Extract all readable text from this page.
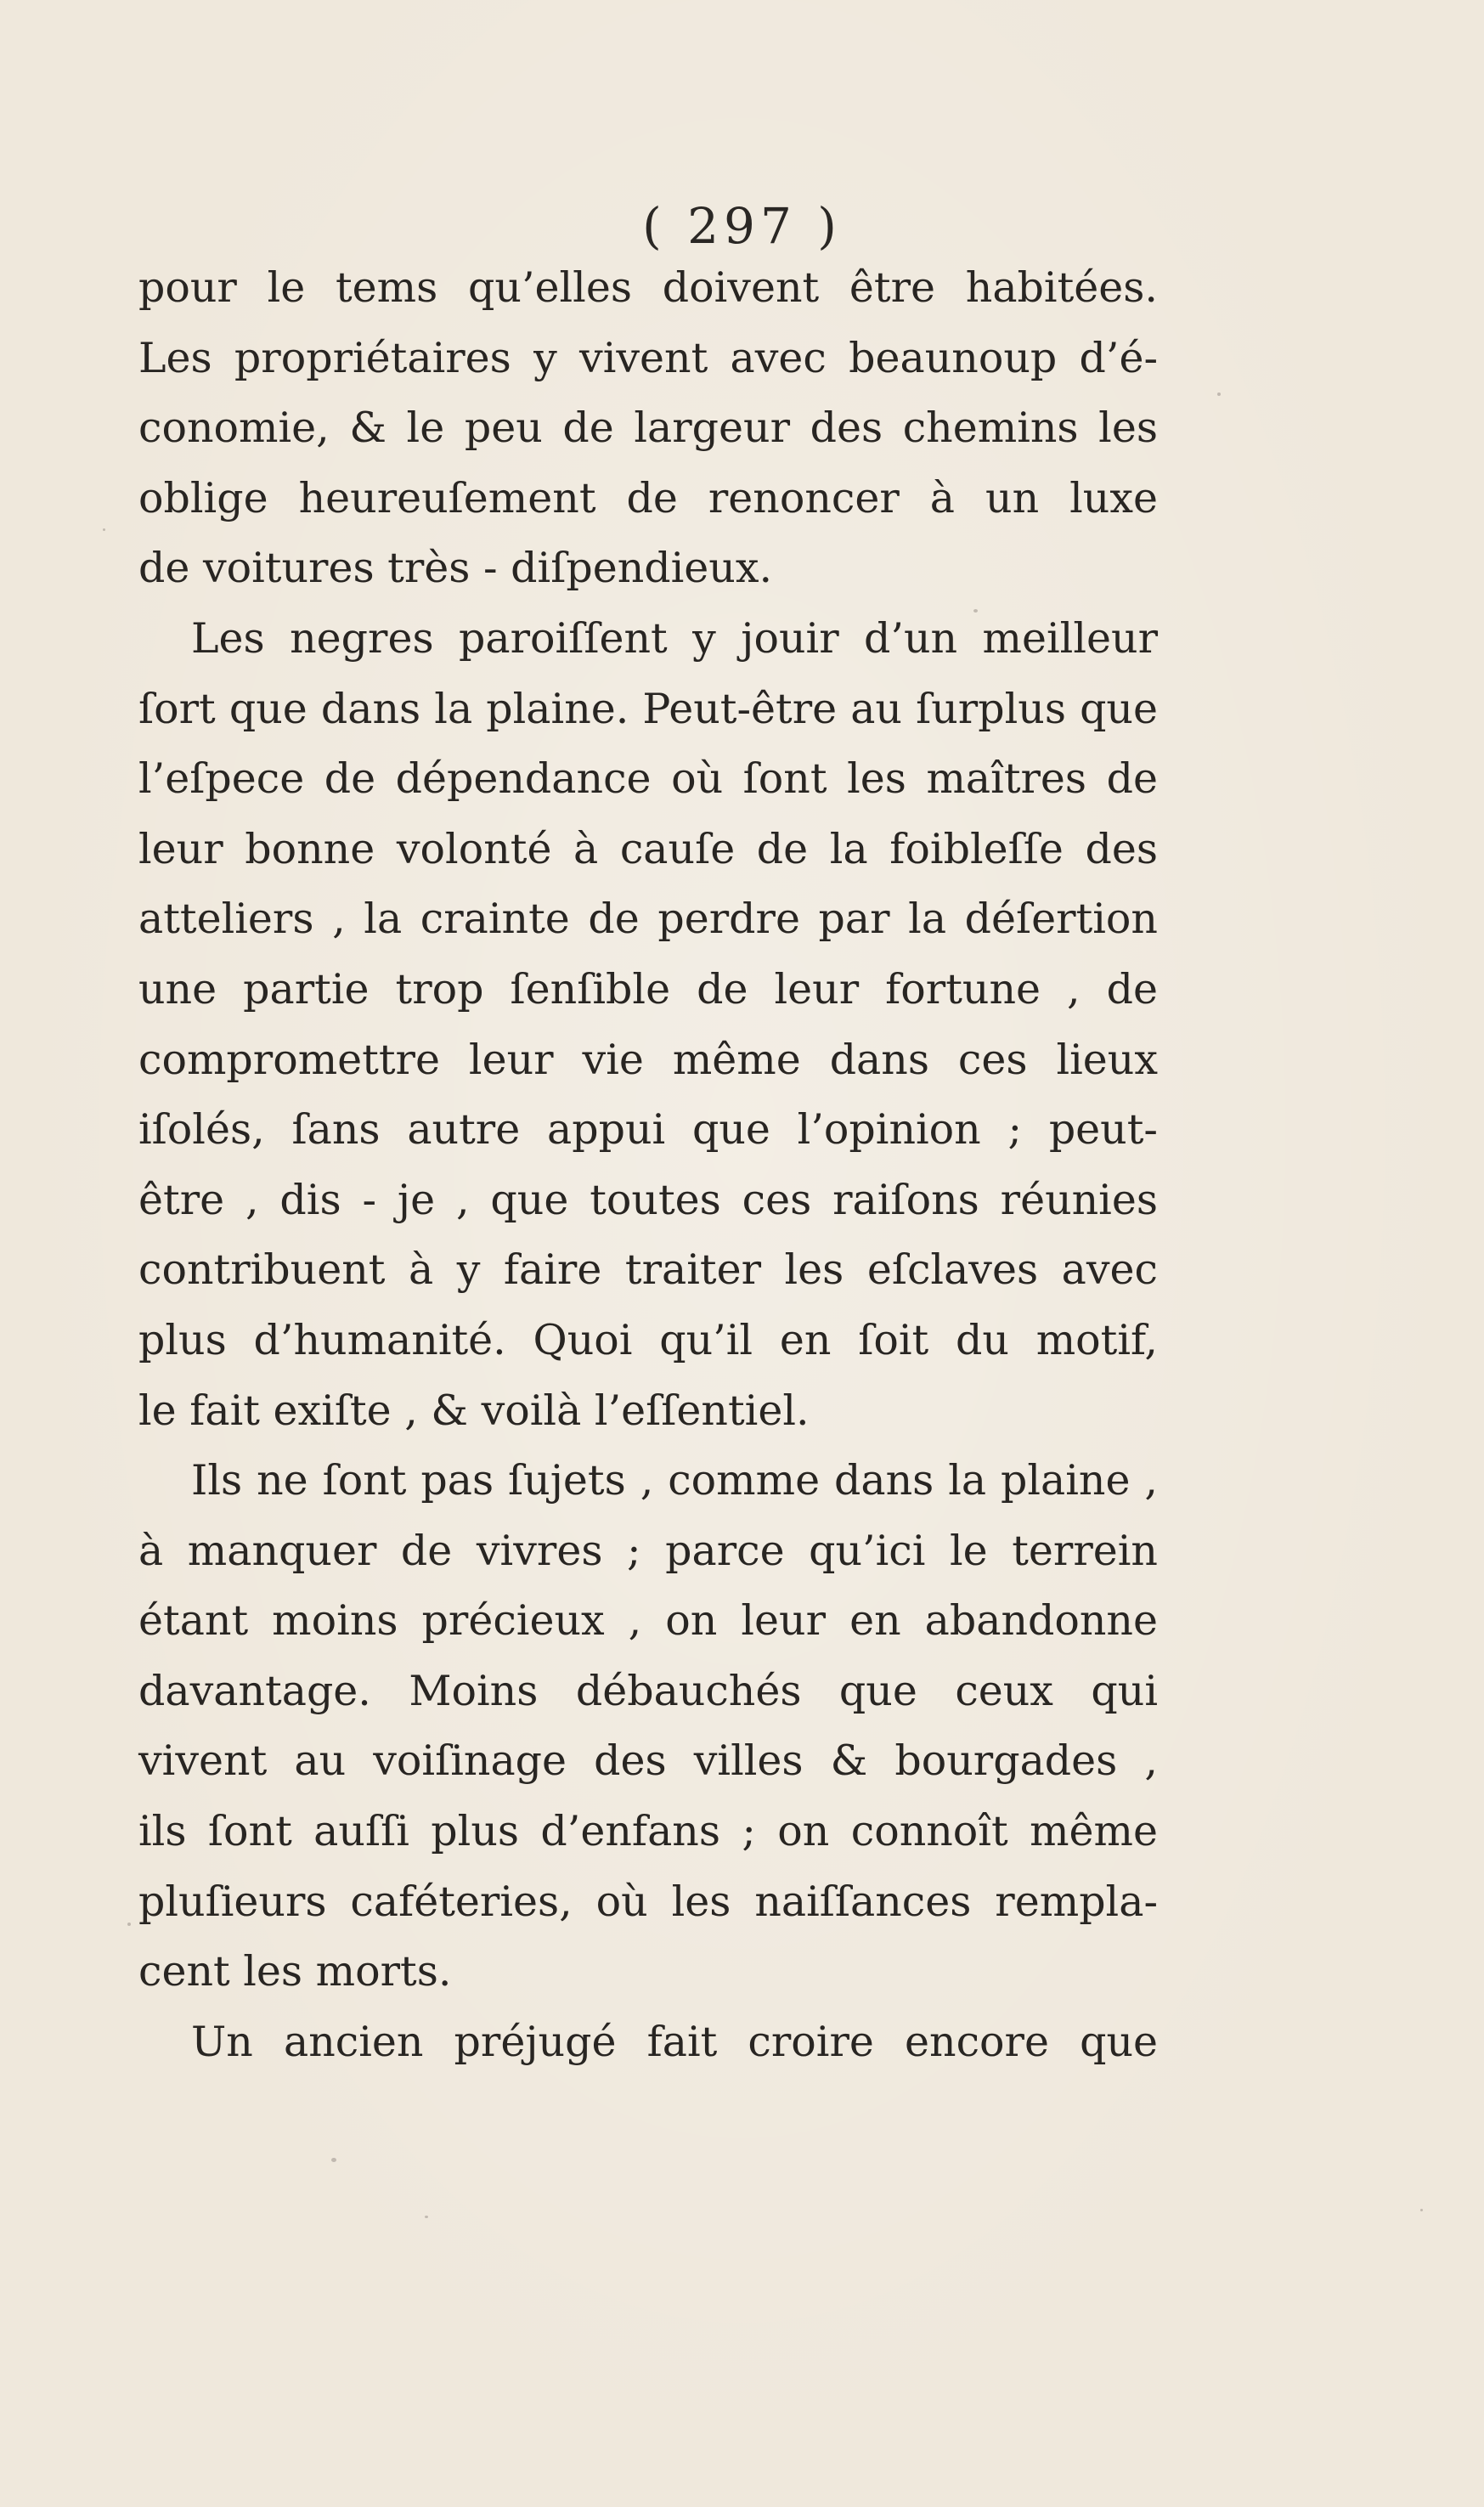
( 297 )
pour le tems qu’elles doivent être habitées.
Les propriétaires y vivent avec beaunoup d’é-
conomie, & le peu de largeur des chemins les
oblige heureuſement de renoncer à un luxe
de voitures très - diſpendieux.
Les negres paroiſſent y jouir d’un meilleur
ſort que dans la plaine. Peut-être au ſurplus que
l’eſpece de dépendance où ſont les maîtres de
leur bonne volonté à cauſe de la foibleſſe des
atteliers , la crainte de perdre par la déſertion
une partie trop ſenſible de leur fortune , de
compromettre leur vie même dans ces lieux
iſolés, ſans autre appui que l’opinion ; peut-
être , dis - je , que toutes ces raiſons réunies
contribuent à y faire traiter les eſclaves avec
plus d’humanité. Quoi qu’il en ſoit du motif,
le fait exiſte , & voilà l’eſſentiel.
Ils ne ſont pas ſujets , comme dans la plaine ,
à manquer de vivres ; parce qu’ici le terrein
étant moins précieux , on leur en abandonne
davantage. Moins débauchés que ceux qui
vivent au voiſinage des villes & bourgades ,
ils ſont auſſi plus d’enfans ; on connoît même
pluſieurs caféteries, où les naiſſances rempla-
cent les morts.
Un ancien préjugé fait croire encore que
